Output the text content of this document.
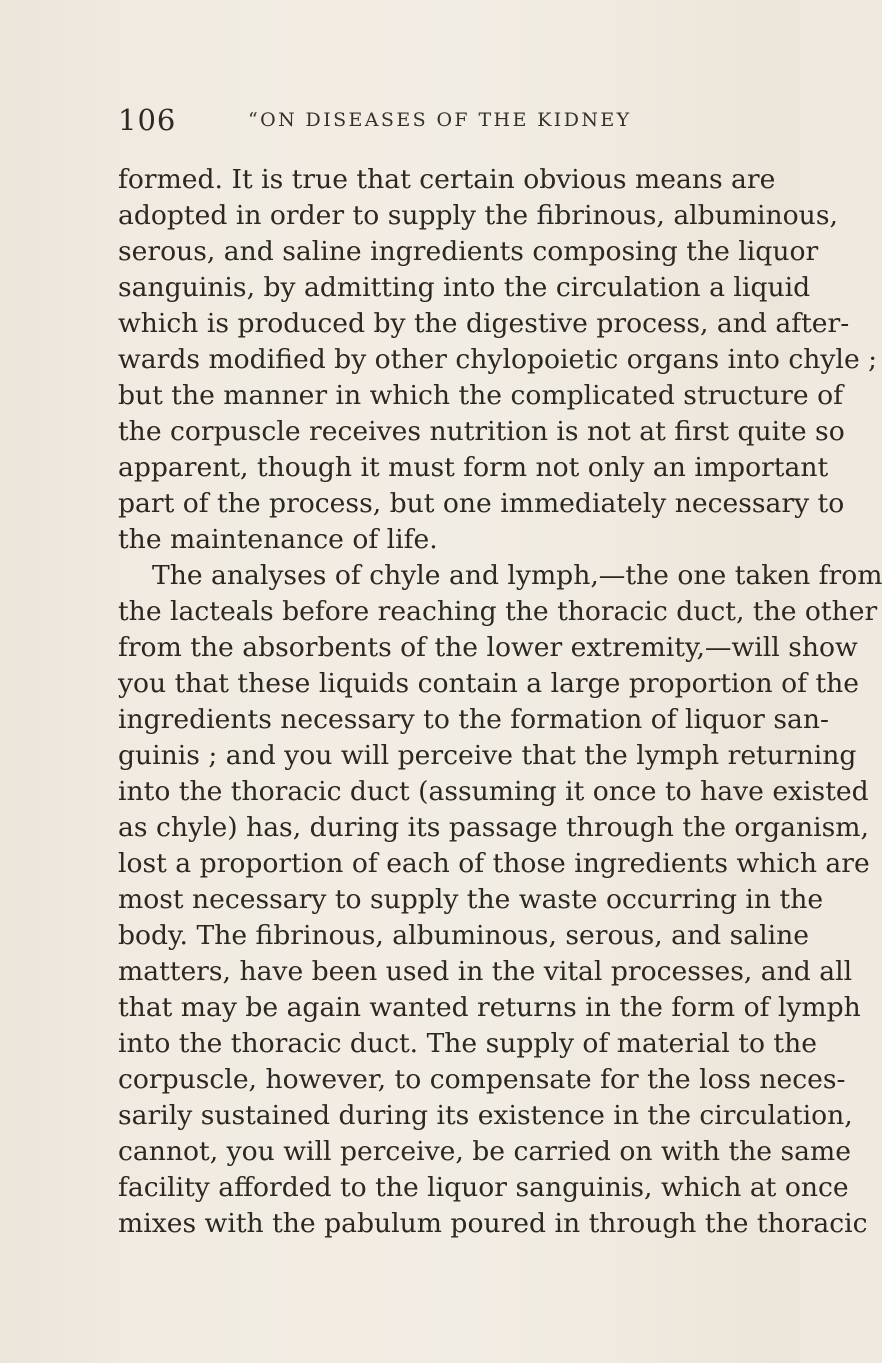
106	“ON DISEASES OF THE KIDNEY
formed. It is true that certain obvious means are
adopted in order to supply the fibrinous, albuminous,
serous, and saline ingredients composing the liquor
sanguinis, by admitting into the circulation a liquid
which is produced by the digestive process, and after-
wards modified by other chylopoietic organs into chyle ;
but the manner in which the complicated structure of
the corpuscle receives nutrition is not at first quite so
apparent, though it must form not only an important
part of the process, but one immediately necessary to
the maintenance of life.
The analyses of chyle and lymph,—the one taken from
the lacteals before reaching the thoracic duct, the other
from the absorbents of the lower extremity,—will show
you that these liquids contain a large proportion of the
ingredients necessary to the formation of liquor san-
guinis ; and you will perceive that the lymph returning
into the thoracic duct (assuming it once to have existed
as chyle) has, during its passage through the organism,
lost a proportion of each of those ingredients which are
most necessary to supply the waste occurring in the
body. The fibrinous, albuminous, serous, and saline
matters, have been used in the vital processes, and all
that may be again wanted returns in the form of lymph
into the thoracic duct. The supply of material to the
corpuscle, however, to compensate for the loss neces-
sarily sustained during its existence in the circulation,
cannot, you will perceive, be carried on with the same
facility afforded to the liquor sanguinis, which at once
mixes with the pabulum poured in through the thoracic
